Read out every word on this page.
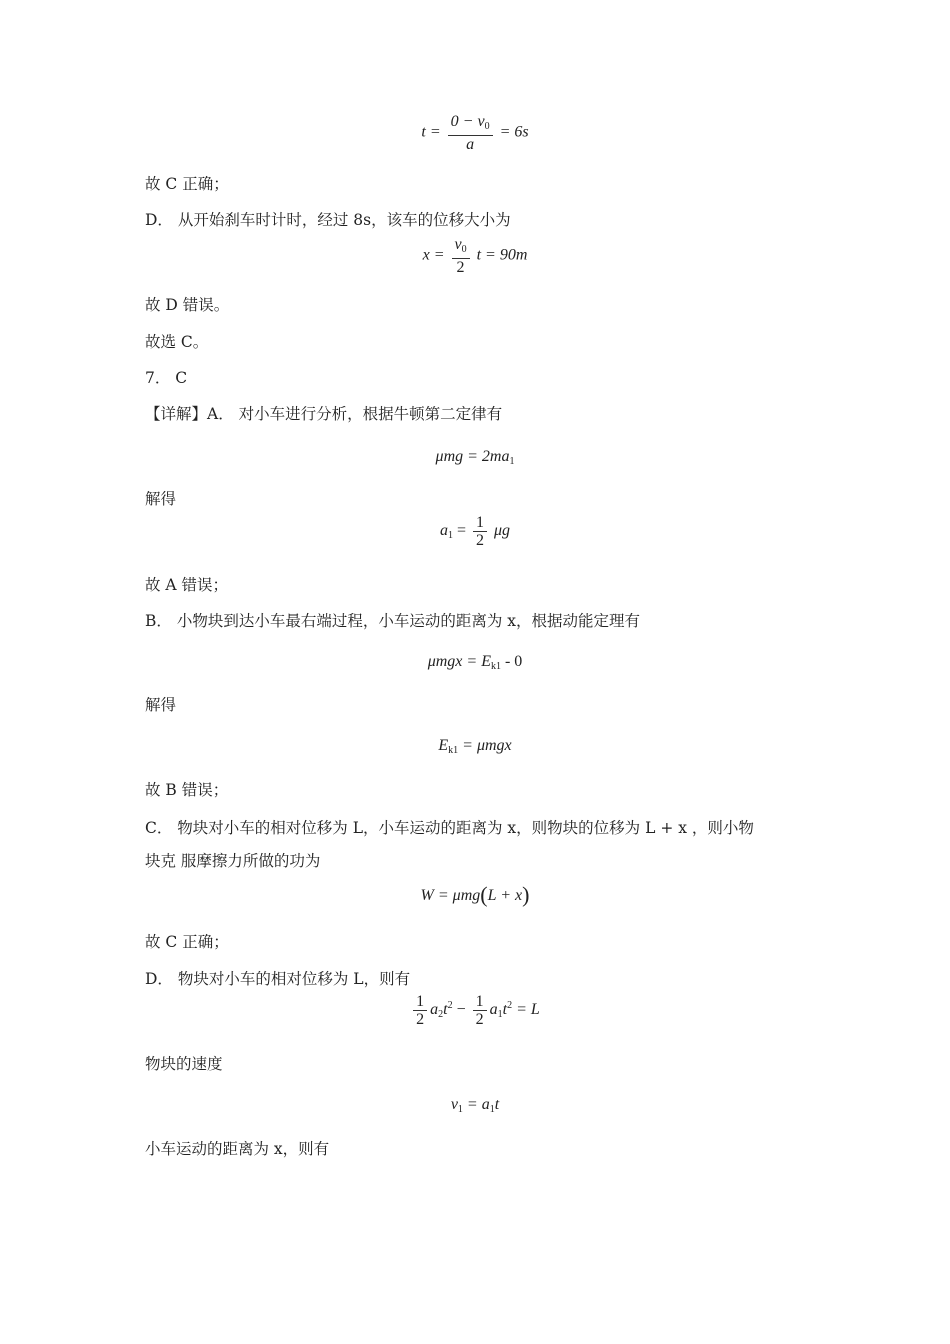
$t = \frac{0 - v_0}{a} = 6s$
故 C 正确；
D． 从开始刹车时计时，经过 8s，该车的位移大小为
$x = \frac{v_0}{2}$ t = 90m
故 D 错误。
故选 C。
7． C
【详解】A． 对小车进行分析，根据牛顿第二定律有
$\mu mg = 2ma_1$
解得
$a_1 = \frac{1}{2}$ μg
故 A 错误；
B． 小物块到达小车最右端过程，小车运动的距离为 x，根据动能定理有
$\mu mgx = E_{k1} - 0$
解得
$E_{k1} = \mu mgx$
故 B 错误；
C． 物块对小车的相对位移为 L，小车运动的距离为 x，则物块的位移为 L + x ，则小物
块克 服摩擦力所做的功为
W = μmg(L + x)
故 C 正确；
D． 物块对小车的相对位移为 L，则有
$\frac{1}{2} a_2t^2 - \frac{1}{2} a_1t^2 = L$
物块的速度
$v_1 = a_1t$
小车运动的距离为 x，则有
